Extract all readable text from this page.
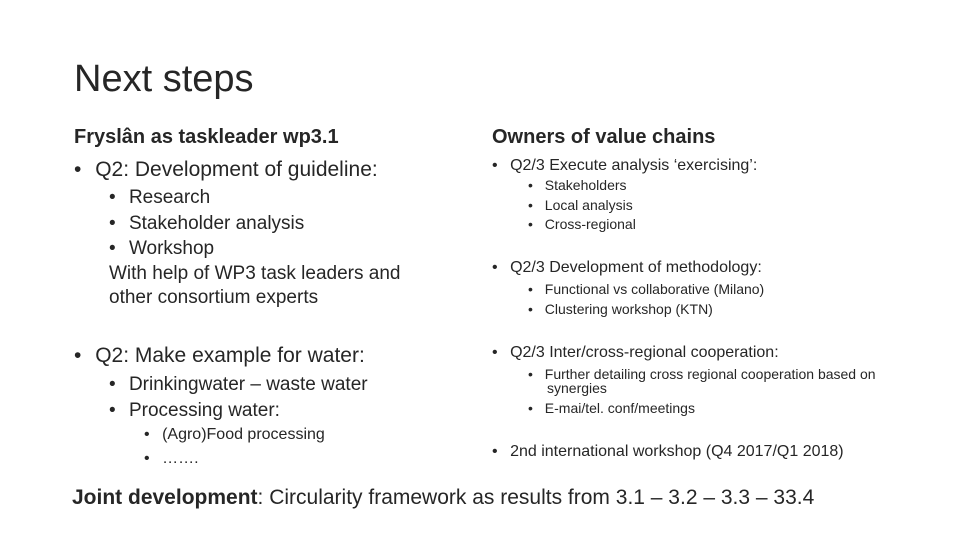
Next steps
Fryslân as taskleader wp3.1
• Q2: Development of guideline:
• Research
• Stakeholder analysis
• Workshop
With help of WP3 task leaders and
other consortium experts
• Q2: Make example for water:
• Drinkingwater – waste water
• Processing water:
• (Agro)Food processing
• …….
Owners of value chains
• Q2/3 Execute analysis ‘exercising’:
• Stakeholders
• Local analysis
• Cross-regional
• Q2/3 Development of methodology:
• Functional vs collaborative (Milano)
• Clustering workshop (KTN)
• Q2/3 Inter/cross-regional cooperation:
• Further detailing cross regional cooperation based on
synergies
• E-mai/tel. conf/meetings
• 2nd international workshop (Q4 2017/Q1 2018)
Joint development: Circularity framework as results from 3.1 – 3.2 – 3.3 – 33.4
